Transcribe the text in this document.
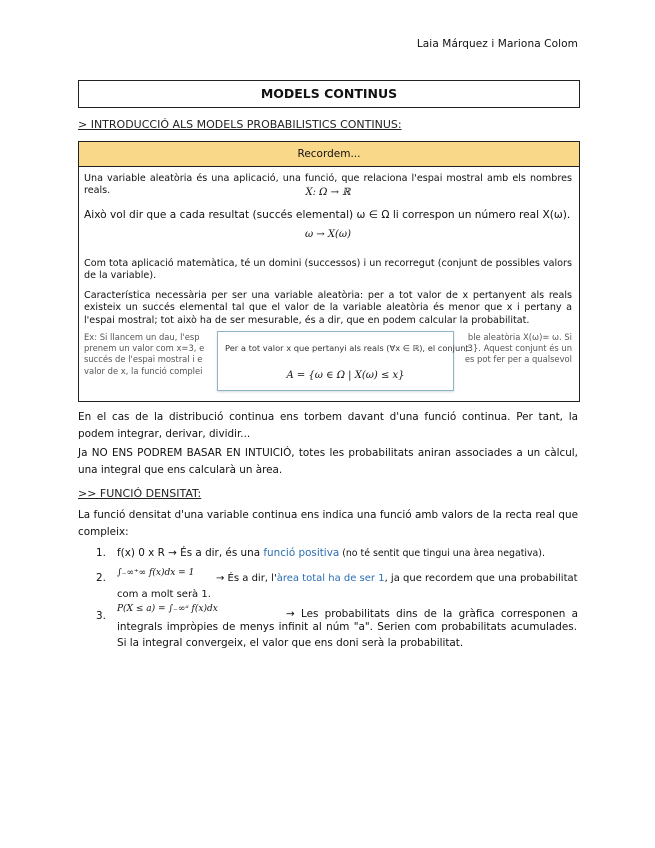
Laia Márquez i Mariona Colom
MODELS CONTINUS
> INTRODUCCIÓ ALS MODELS PROBABILISTICS CONTINUS:
Recordem...
Una variable aleatòria és una aplicació, una funció, que relaciona l'espai mostral amb els nombres reals.	X: Ω → ℝ
Això vol dir que a cada resultat (succés elemental) ω ∈ Ω li correspon un número real X(ω).
ω → X(ω)
Com tota aplicació matemàtica, té un domini (successos) i un recorregut (conjunt de possibles valors de la variable).
Característica necessària per ser una variable aleatòria: per a tot valor de x pertanyent als reals existeix un succés elemental tal que el valor de la variable aleatòria és menor que x i pertany a l'espai mostral; tot això ha de ser mesurable, és a dir, que en podem calcular la probabilitat.
Ex: Si llancem un dau, l'esp
prenem un valor com x=3, e
succés de l'espai mostral i e
valor de x, la funció complei
ble aleatòria X(ω)= ω. Si
,3}. Aquest conjunt és un
es pot fer per a qualsevol
Per a tot valor x que pertanyi als reals (∀x ∈ ℝ), el conjunt:
A = {ω ∈ Ω | X(ω) ≤ x}
En el cas de la distribució continua ens torbem davant d'una funció continua. Per tant, la podem integrar, derivar, dividir...
Ja NO ENS PODREM BASAR EN INTUICIÓ, totes les probabilitats aniran associades a un càlcul, una integral que ens calcularà un àrea.
>> FUNCIÓ DENSITAT:
La funció densitat d'una variable continua ens indica una funció amb valors de la recta real que compleix:
1. f(x) 0 x R → És a dir, és una funció positiva (no té sentit que tingui una àrea negativa).
2. ∫₋∞⁺∞ f(x)dx = 1 → És a dir, l'àrea total ha de ser 1, ja que recordem que una probabilitat
com a molt serà 1.
3.
P(X ≤ a) = ∫₋∞ᵃ f(x)dx	→ Les probabilitats dins de la gràfica corresponen a
integrals impròpies de menys infinit al núm "a". Serien com probabilitats acumulades. Si la integral convergeix, el valor que ens doni serà la probabilitat.
